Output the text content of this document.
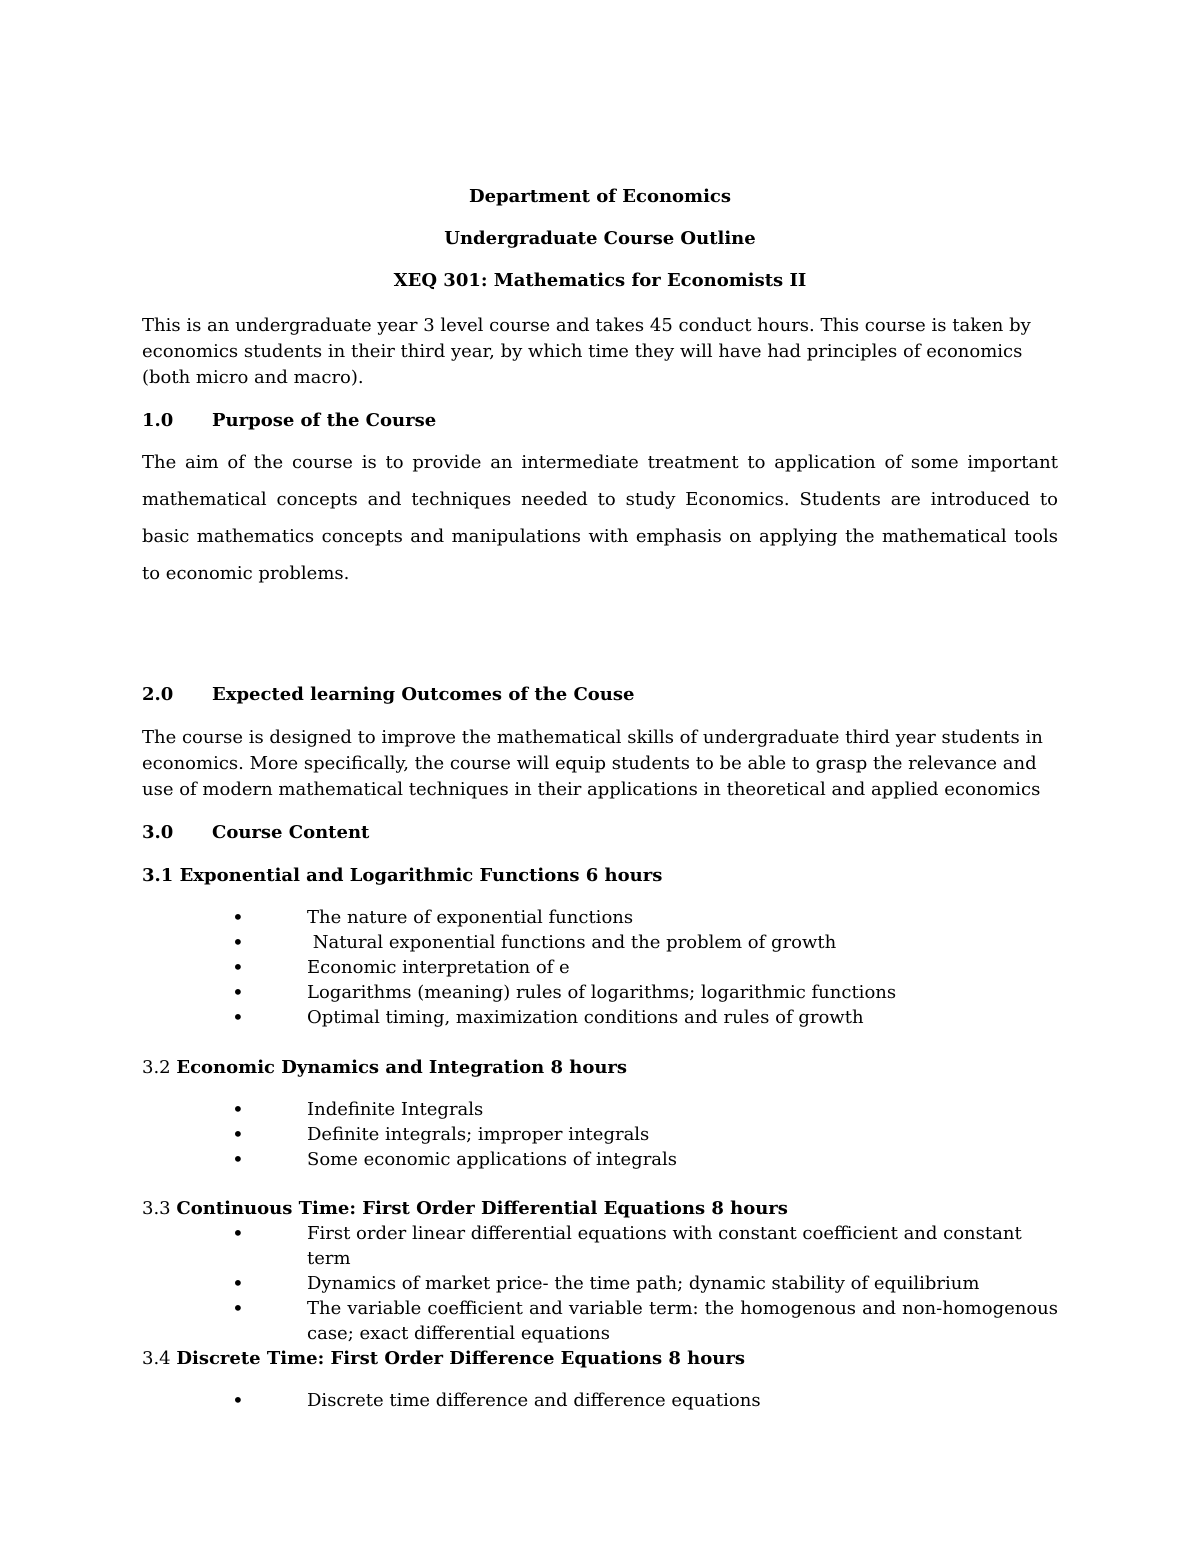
Department of Economics
Undergraduate Course Outline
XEQ 301: Mathematics for Economists II

This is an undergraduate year 3 level course and takes 45 conduct hours. This course is taken by economics students in their third year, by which time they will have had principles of economics (both micro and macro).

1.0 Purpose of the Course

The aim of the course is to provide an intermediate treatment to application of some important mathematical concepts and techniques needed to study Economics. Students are introduced to basic mathematics concepts and manipulations with emphasis on applying the mathematical tools to economic problems.

2.0 Expected learning Outcomes of the Couse

The course is designed to improve the mathematical skills of undergraduate third year students in economics. More specifically, the course will equip students to be able to grasp the relevance and use of modern mathematical techniques in their applications in theoretical and applied economics

3.0 Course Content
3.1 Exponential and Logarithmic Functions 6 hours
• The nature of exponential functions
•  Natural exponential functions and the problem of growth
• Economic interpretation of e
• Logarithms (meaning) rules of logarithms; logarithmic functions
• Optimal timing, maximization conditions and rules of growth
3.2 Economic Dynamics and Integration 8 hours
• Indefinite Integrals
• Definite integrals; improper integrals
• Some economic applications of integrals
3.3 Continuous Time: First Order Differential Equations 8 hours
• First order linear differential equations with constant coefficient and constant term
• Dynamics of market price- the time path; dynamic stability of equilibrium
• The variable coefficient and variable term: the homogenous and non-homogenous case; exact differential equations
3.4 Discrete Time: First Order Difference Equations 8 hours
• Discrete time difference and difference equations
